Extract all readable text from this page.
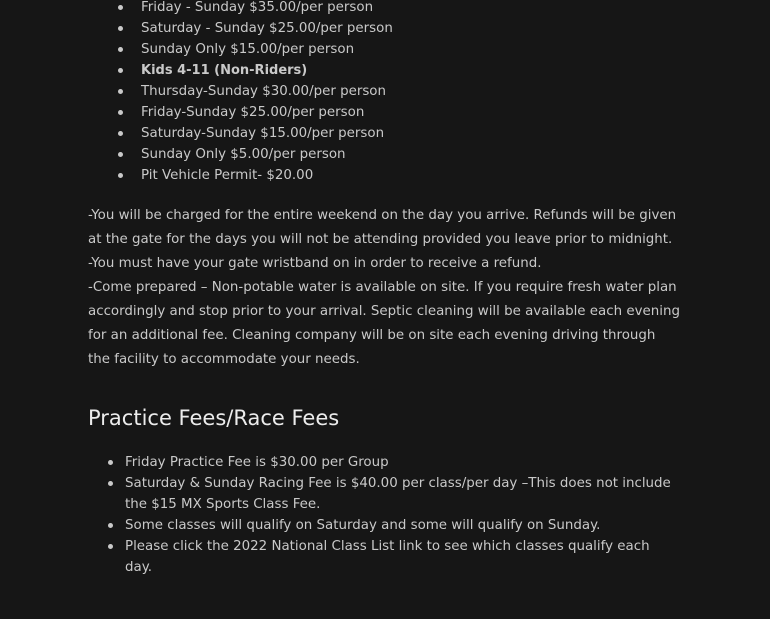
Friday - Sunday $35.00/per person
Saturday - Sunday $25.00/per person
Sunday Only $15.00/per person
Kids 4-11 (Non-Riders)
Thursday-Sunday $30.00/per person
Friday-Sunday $25.00/per person
Saturday-Sunday $15.00/per person
Sunday Only $5.00/per person
Pit Vehicle Permit- $20.00

-You will be charged for the entire weekend on the day you arrive. Refunds will be given at the gate for the days you will not be attending provided you leave prior to midnight.

-You must have your gate wristband on in order to receive a refund.

-Come prepared – Non-potable water is available on site. If you require fresh water plan accordingly and stop prior to your arrival. Septic cleaning will be available each evening for an additional fee. Cleaning company will be on site each evening driving through the facility to accommodate your needs.

Practice Fees/Race Fees
Friday Practice Fee is $30.00 per Group
Saturday & Sunday Racing Fee is $40.00 per class/per day –This does not include the $15 MX Sports Class Fee.
Some classes will qualify on Saturday and some will qualify on Sunday.
Please click the 2022 National Class List link to see which classes qualify each day.
